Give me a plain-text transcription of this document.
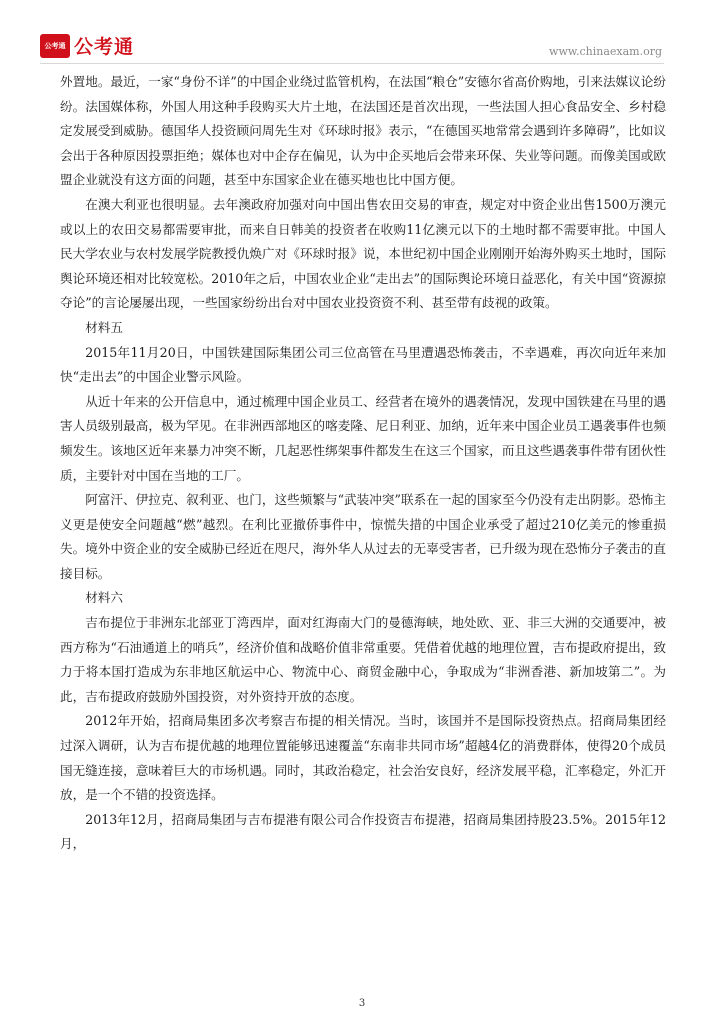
公考通 公考通	www.chinaexam.org

外置地。最近，一家“身份不详”的中国企业绕过监管机构，在法国“粮仓”安德尔省高价购地，引来法媒议论纷纷。法国媒体称，外国人用这种手段购买大片土地，在法国还是首次出现，一些法国人担心食品安全、乡村稳定发展受到威胁。德国华人投资顾问周先生对《环球时报》表示，“在德国买地常常会遇到许多障碍”，比如议会出于各种原因投票拒绝；媒体也对中企存在偏见，认为中企买地后会带来环保、失业等问题。而像美国或欧盟企业就没有这方面的问题，甚至中东国家企业在德买地也比中国方便。

在澳大利亚也很明显。去年澳政府加强对向中国出售农田交易的审查，规定对中资企业出售1500万澳元或以上的农田交易都需要审批，而来自日韩美的投资者在收购11亿澳元以下的土地时都不需要审批。中国人民大学农业与农村发展学院教授仇焕广对《环球时报》说，本世纪初中国企业刚刚开始海外购买土地时，国际舆论环境还相对比较宽松。2010年之后，中国农业企业“走出去”的国际舆论环境日益恶化，有关中国“资源掠夺论”的言论屡屡出现，一些国家纷纷出台对中国农业投资资不利、甚至带有歧视的政策。

材料五

2015年11月20日，中国铁建国际集团公司三位高管在马里遭遇恐怖袭击，不幸遇难，再次向近年来加快“走出去”的中国企业警示风险。

从近十年来的公开信息中，通过梳理中国企业员工、经营者在境外的遇袭情况，发现中国铁建在马里的遇害人员级别最高，极为罕见。在非洲西部地区的喀麦隆、尼日利亚、加纳，近年来中国企业员工遇袭事件也频频发生。该地区近年来暴力冲突不断，几起恶性绑架事件都发生在这三个国家，而且这些遇袭事件带有团伙性质，主要针对中国在当地的工厂。

阿富汗、伊拉克、叙利亚、也门，这些频繁与“武装冲突”联系在一起的国家至今仍没有走出阴影。恐怖主义更是使安全问题越“燃”越烈。在利比亚撤侨事件中，惊慌失措的中国企业承受了超过210亿美元的惨重损失。境外中资企业的安全威胁已经近在咫尺，海外华人从过去的无辜受害者，已升级为现在恐怖分子袭击的直接目标。

材料六

吉布提位于非洲东北部亚丁湾西岸，面对红海南大门的曼德海峡，地处欧、亚、非三大洲的交通要冲，被西方称为“石油通道上的哨兵”，经济价值和战略价值非常重要。凭借着优越的地理位置，吉布提政府提出，致力于将本国打造成为东非地区航运中心、物流中心、商贸金融中心，争取成为“非洲香港、新加坡第二”。为此，吉布提政府鼓励外国投资，对外资持开放的态度。

2012年开始，招商局集团多次考察吉布提的相关情况。当时，该国并不是国际投资热点。招商局集团经过深入调研，认为吉布提优越的地理位置能够迅速覆盖“东南非共同市场”超越4亿的消费群体，使得20个成员国无缝连接，意味着巨大的市场机遇。同时，其政治稳定，社会治安良好，经济发展平稳，汇率稳定，外汇开放，是一个不错的投资选择。

2013年12月，招商局集团与吉布提港有限公司合作投资吉布提港，招商局集团持股23.5%。2015年12月，

3
